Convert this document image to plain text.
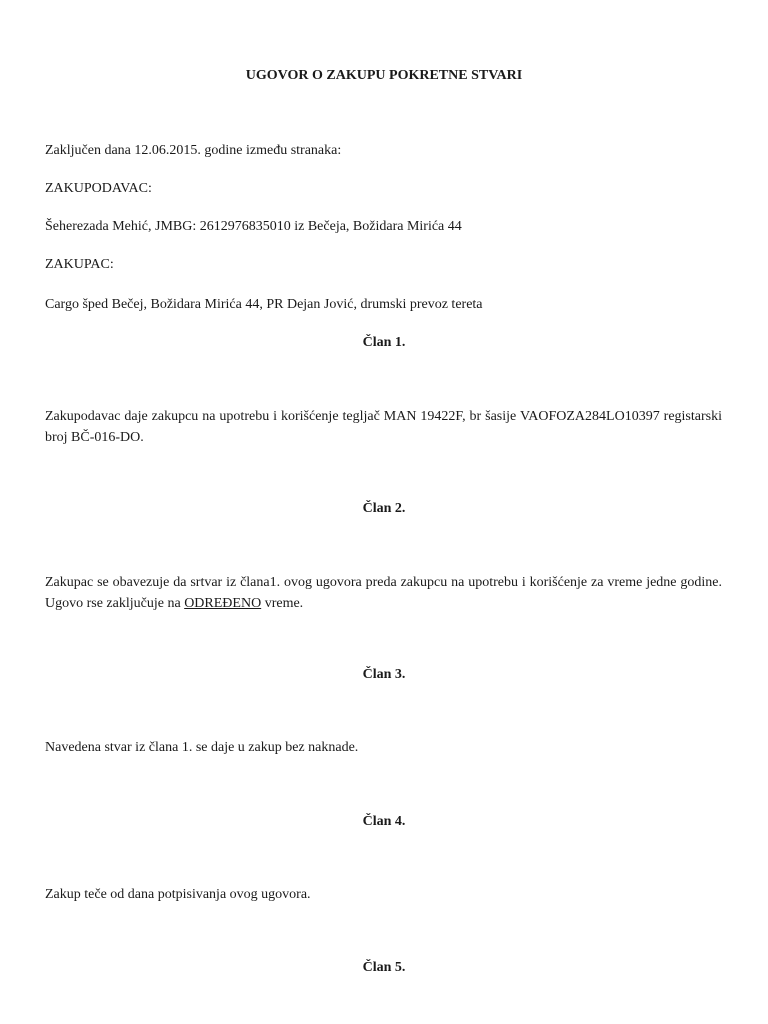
UGOVOR O ZAKUPU POKRETNE STVARI

Zaključen dana 12.06.2015. godine između stranaka:

ZAKUPODAVAC:

Šeherezada Mehić, JMBG: 2612976835010 iz Bečeja, Božidara Mirića 44

ZAKUPAC:

Cargo šped Bečej, Božidara Mirića 44, PR Dejan Jović, drumski prevoz tereta

Član 1.

Zakupodavac daje zakupcu na upotrebu i korišćenje tegljač MAN 19422F, br šasije VAOFOZA284LO10397 registarski broj BČ-016-DO.

Član 2.

Zakupac se obavezuje da srtvar iz člana1. ovog ugovora preda zakupcu na upotrebu i korišćenje za vreme jedne godine. Ugovo rse zaključuje na ODREĐENO vreme.

Član 3.

Navedena stvar iz člana 1. se daje u zakup bez naknade.

Član 4.

Zakup teče od dana potpisivanja ovog ugovora.

Član 5.
